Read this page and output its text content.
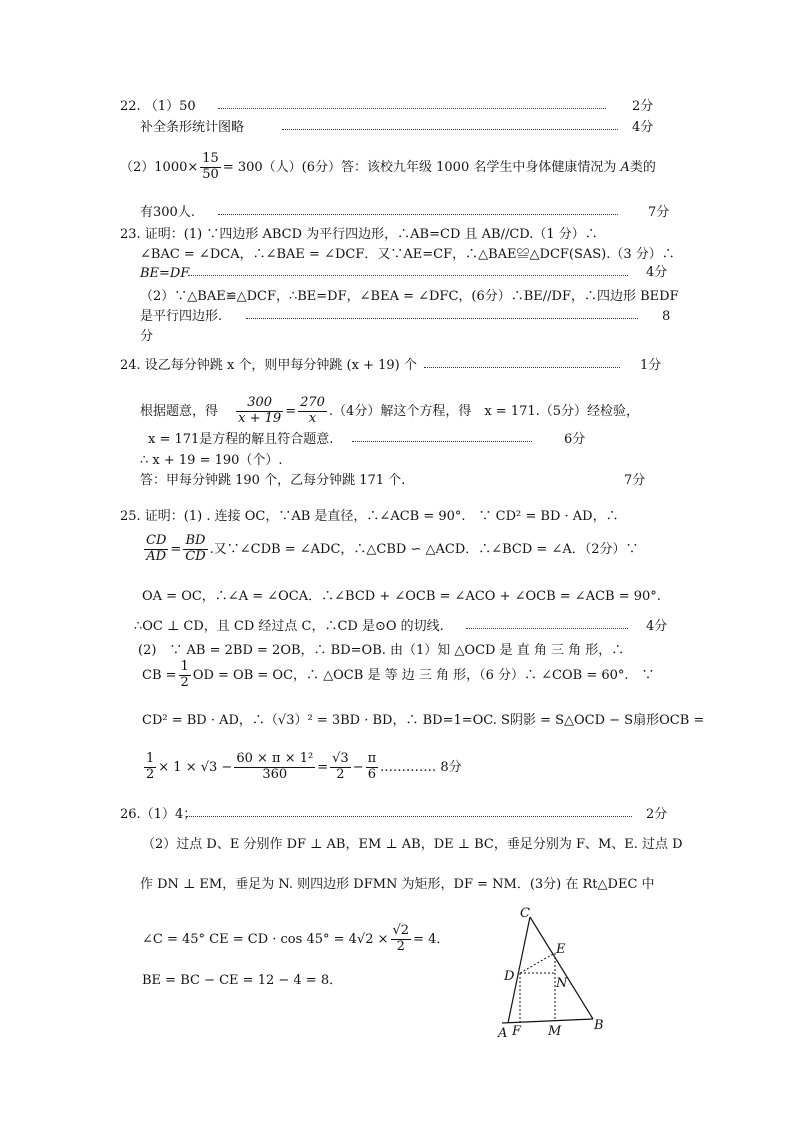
22. （1）50	2分
补全条形统计图略	4分
$(2)1000\times \frac{15}{50} = 300$（人）(6分）答：该校九年级 1000 名学生中身体健康情况为 A类的
有300人.	7分
23. 证明：(1) ∵四边形 ABCD 为平行四边形，∴AB=CD 且 AB//CD.（1 分）∴
∠BAC = ∠DCA，∴∠BAE = ∠DCF．又∵AE=CF，∴△BAE≌△DCF(SAS).（3 分）∴
BE=DF	4分
（2）∵△BAE≌△DCF，∴BE=DF，∠BEA = ∠DFC，(6分）∴BE//DF，∴四边形 BEDF
是平行四边形.	8
分
24. 设乙每分钟跳 x 个，则甲每分钟跳 (x + 19) 个	1分
根据题意，得 $\frac{300}{x + 19} = \frac{270}{x} .(4$分）解这个方程，得　x = 171.（5分）经检验，
x = 171是方程的解且符合题意.	6分
∴ x + 19 = 190（个）.
答：甲每分钟跳 190 个，乙每分钟跳 171 个.	7分
25. 证明：(1) . 连接 OC，∵AB 是直径，∴∠ACB = 90°.　∵ CD² = BD · AD，∴
$\frac{CD}{AD} = \frac{BD}{CD}$ .又∵∠CDB = ∠ADC，∴△CBD ∽ △ACD．∴∠BCD = ∠A．（2分）∵
OA = OC，∴∠A = ∠OCA．∴∠BCD + ∠OCB = ∠ACO + ∠OCB = ∠ACB = 90°.
∴OC ⊥ CD，且 CD 经过点 C，∴CD 是⊙O 的切线.	4分
(2)　∵ AB = 2BD = 2OB，∴ BD=OB. 由（1）知 △OCD 是 直 角 三 角 形，∴
CB = $\frac{1}{2}$ OD = OB = OC，∴ △OCB 是 等 边 三 角 形，（6 分）∴ ∠COB = 60°.　∵
CD² = BD · AD，∴（√3）² = 3BD · BD，∴ BD=1=OC. S阴影 = S△OCD − S扇形OCB =
$\frac{1}{2} \times 1 \times √3 - \frac{\text{60 × π × 1²}}{360} = \frac{√3}{2} - \frac{\pi}{6}$ .………… 8分
26.（1）4；	2分
（2）过点 D、E 分别作 DF ⊥ AB，EM ⊥ AB，DE ⊥ BC，垂足分别为 F、M、E. 过点 D
作 DN ⊥ EM，垂足为 N. 则四边形 DFMN 为矩形，DF = NM．(3分) 在 Rt△DEC 中
∠C = 45° CE = CD · $\cos 45^\circ = 4√2 \times \frac{√2}{2} = 4$．
BE = BC − CE = 12 − 4 = 8．
C
E
D	N
A F M	B
